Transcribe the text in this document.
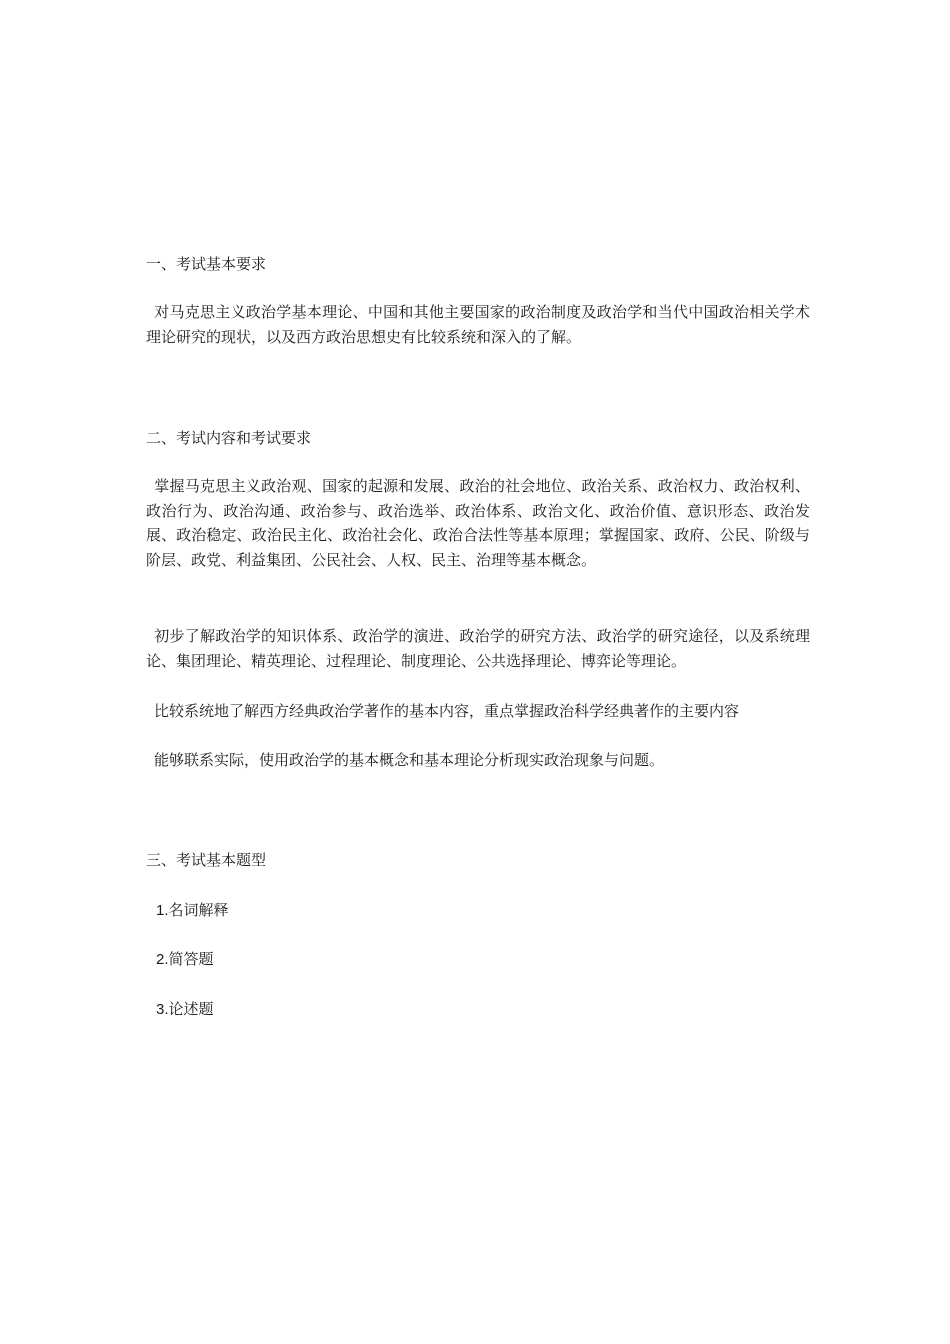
一、考试基本要求
对马克思主义政治学基本理论、中国和其他主要国家的政治制度及政治学和当代中国政治相关学术理论研究的现状，以及西方政治思想史有比较系统和深入的了解。
二、考试内容和考试要求
掌握马克思主义政治观、国家的起源和发展、政治的社会地位、政治关系、政治权力、政治权利、政治行为、政治沟通、政治参与、政治选举、政治体系、政治文化、政治价值、意识形态、政治发展、政治稳定、政治民主化、政治社会化、政治合法性等基本原理；掌握国家、政府、公民、阶级与阶层、政党、利益集团、公民社会、人权、民主、治理等基本概念。
初步了解政治学的知识体系、政治学的演进、政治学的研究方法、政治学的研究途径，以及系统理论、集团理论、精英理论、过程理论、制度理论、公共选择理论、博弈论等理论。
比较系统地了解西方经典政治学著作的基本内容，重点掌握政治科学经典著作的主要内容
能够联系实际，使用政治学的基本概念和基本理论分析现实政治现象与问题。
三、考试基本题型
1.名词解释
2.简答题
3.论述题
